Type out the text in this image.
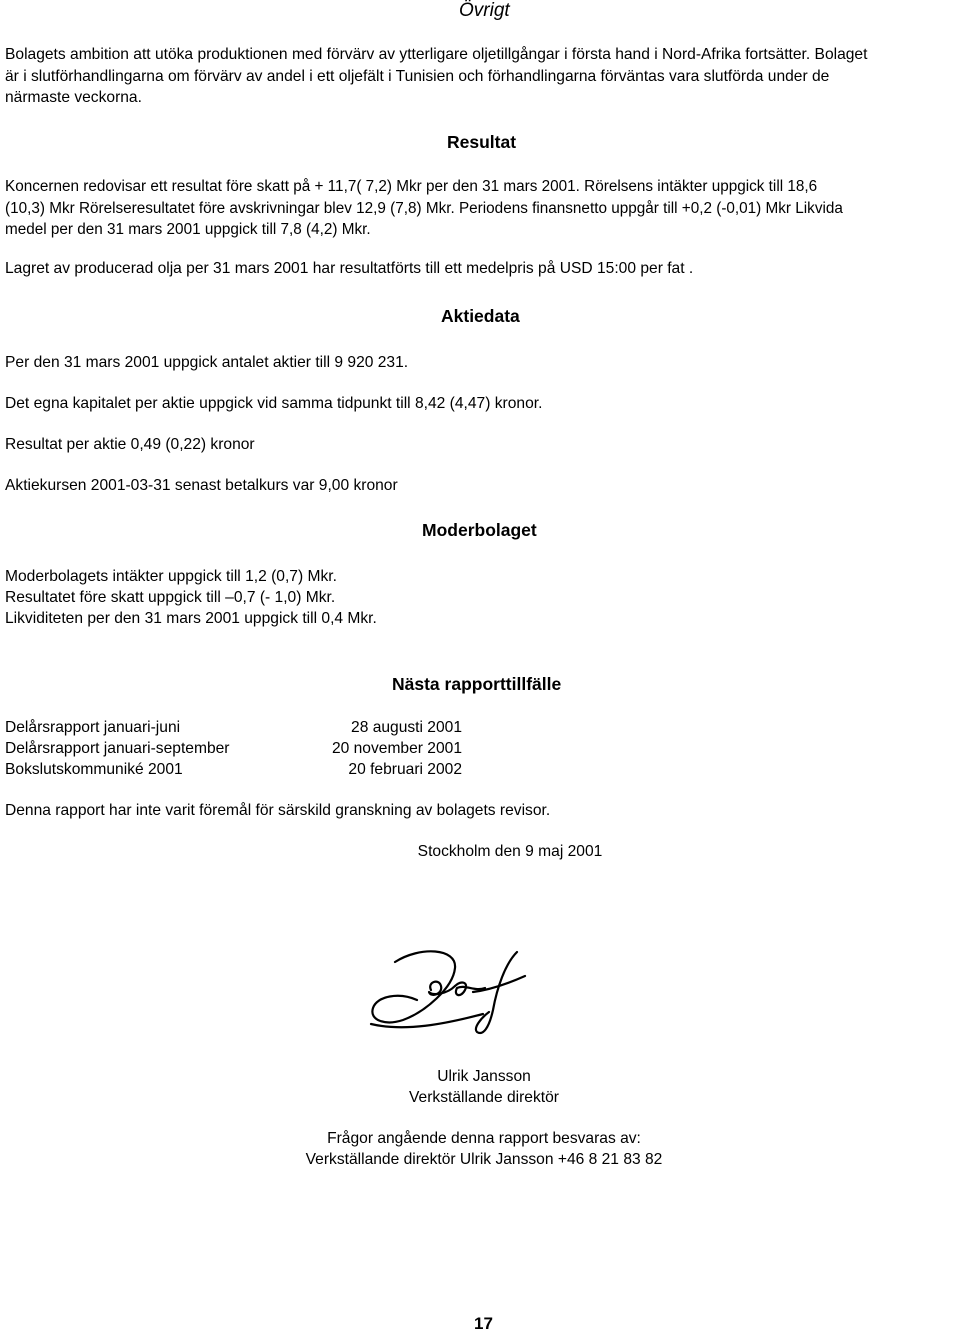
Övrigt
Bolagets ambition att utöka produktionen med förvärv av ytterligare oljetillgångar i första hand i Nord-Afrika fortsätter. Bolaget
är i slutförhandlingarna om förvärv av andel i ett oljefält i Tunisien och förhandlingarna förväntas vara slutförda under de
närmaste veckorna.
Resultat
Koncernen redovisar ett resultat före skatt på + 11,7( 7,2) Mkr per den 31 mars 2001. Rörelsens intäkter uppgick till 18,6
(10,3) Mkr Rörelseresultatet före avskrivningar blev 12,9 (7,8) Mkr. Periodens finansnetto uppgår till +0,2 (-0,01) Mkr Likvida
medel per den 31 mars 2001 uppgick till 7,8 (4,2) Mkr.
Lagret av producerad olja per 31 mars 2001 har resultatförts till ett medelpris på USD 15:00 per fat .
Aktiedata
Per den 31 mars 2001 uppgick antalet aktier till 9 920 231.
Det egna kapitalet per aktie uppgick vid samma tidpunkt till 8,42 (4,47) kronor.
Resultat per aktie 0,49 (0,22) kronor
Aktiekursen 2001-03-31 senast betalkurs var 9,00 kronor
Moderbolaget
Moderbolagets intäkter uppgick till 1,2 (0,7) Mkr.
Resultatet före skatt uppgick till –0,7 (- 1,0) Mkr.
Likviditeten per den 31 mars 2001 uppgick till 0,4 Mkr.
Nästa rapporttillfälle
Delårsrapport januari-juni	28 augusti 2001
Delårsrapport januari-september	20 november 2001
Bokslutskommuniké 2001	20 februari 2002
Denna rapport har inte varit föremål för särskild granskning av bolagets revisor.
Stockholm den 9 maj 2001
Ulrik Jansson
Verkställande direktör
Frågor angående denna rapport besvaras av:
Verkställande direktör Ulrik Jansson +46 8 21 83 82
17
